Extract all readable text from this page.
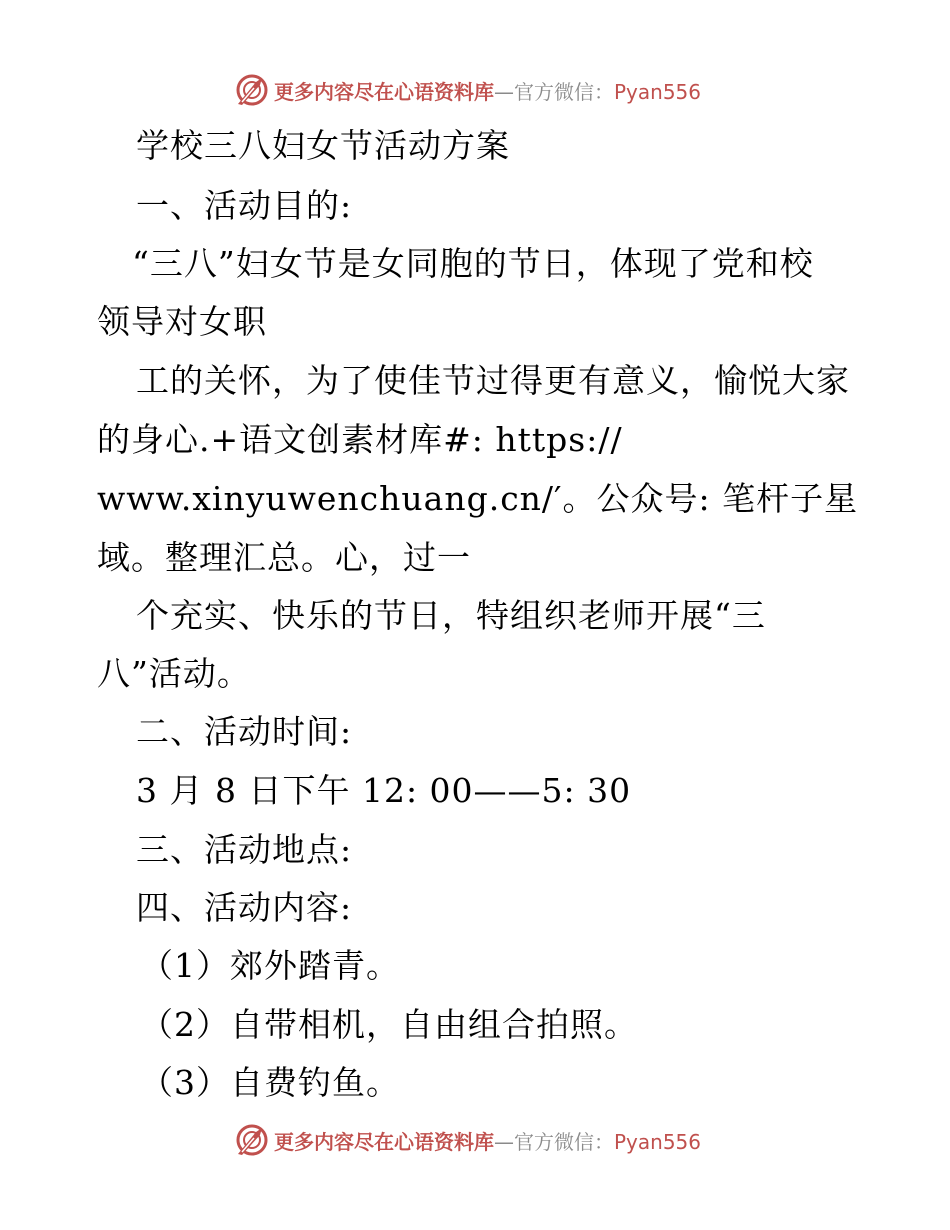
更多内容尽在心语资料库—官方微信：Pyan556
学校三八妇女节活动方案
一、活动目的:
“三八”妇女节是女同胞的节日，体现了党和校
领导对女职
工的关怀，为了使佳节过得更有意义，愉悦大家
的身心.+语文创素材库#: https://
www.xinyuwenchuang.cn/′。公众号: 笔杆子星
域。整理汇总。心，过一
个充实、快乐的节日，特组织老师开展“三
八”活动。
二、活动时间:
3 月 8 日下午 12: 00——5: 30
三、活动地点:
四、活动内容:
（1）郊外踏青。
（2）自带相机，自由组合拍照。
（3）自费钓鱼。
更多内容尽在心语资料库—官方微信：Pyan556
